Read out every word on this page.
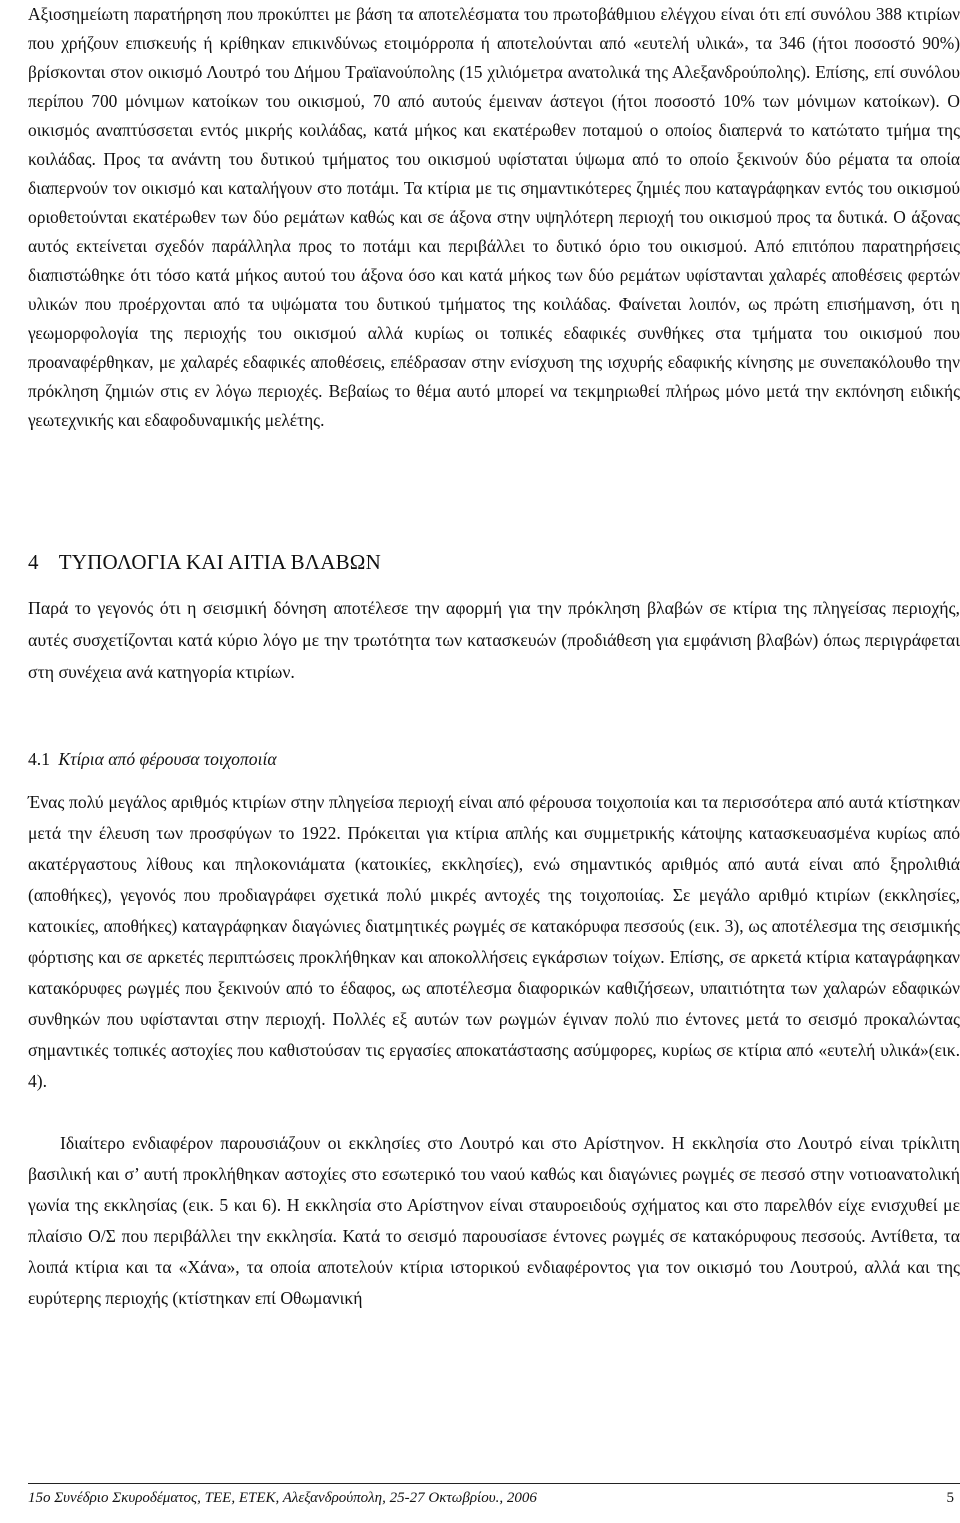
Αξιοσημείωτη παρατήρηση που προκύπτει με βάση τα αποτελέσματα του πρωτοβάθμιου ελέγχου είναι ότι επί συνόλου 388 κτιρίων που χρήζουν επισκευής ή κρίθηκαν επικινδύνως ετοιμόρροπα ή αποτελούνται από «ευτελή υλικά», τα 346 (ήτοι ποσοστό 90%) βρίσκονται στον οικισμό Λουτρό του Δήμου Τραϊανούπολης (15 χιλιόμετρα ανατολικά της Αλεξανδρούπολης). Επίσης, επί συνόλου περίπου 700 μόνιμων κατοίκων του οικισμού, 70 από αυτούς έμειναν άστεγοι (ήτοι ποσοστό 10% των μόνιμων κατοίκων). Ο οικισμός αναπτύσσεται εντός μικρής κοιλάδας, κατά μήκος και εκατέρωθεν ποταμού ο οποίος διαπερνά το κατώτατο τμήμα της κοιλάδας. Προς τα ανάντη του δυτικού τμήματος του οικισμού υφίσταται ύψωμα από το οποίο ξεκινούν δύο ρέματα τα οποία διαπερνούν τον οικισμό και καταλήγουν στο ποτάμι. Τα κτίρια με τις σημαντικότερες ζημιές που καταγράφηκαν εντός του οικισμού οριοθετούνται εκατέρωθεν των δύο ρεμάτων καθώς και σε άξονα στην υψηλότερη περιοχή του οικισμού προς τα δυτικά. Ο άξονας αυτός εκτείνεται σχεδόν παράλληλα προς το ποτάμι και περιβάλλει το δυτικό όριο του οικισμού. Από επιτόπου παρατηρήσεις διαπιστώθηκε ότι τόσο κατά μήκος αυτού του άξονα όσο και κατά μήκος των δύο ρεμάτων υφίστανται χαλαρές αποθέσεις φερτών υλικών που προέρχονται από τα υψώματα του δυτικού τμήματος της κοιλάδας. Φαίνεται λοιπόν, ως πρώτη επισήμανση, ότι η γεωμορφολογία της περιοχής του οικισμού αλλά κυρίως οι τοπικές εδαφικές συνθήκες στα τμήματα του οικισμού που προαναφέρθηκαν, με χαλαρές εδαφικές αποθέσεις, επέδρασαν στην ενίσχυση της ισχυρής εδαφικής κίνησης με συνεπακόλουθο την πρόκληση ζημιών στις εν λόγω περιοχές. Βεβαίως το θέμα αυτό μπορεί να τεκμηριωθεί πλήρως μόνο μετά την εκπόνηση ειδικής γεωτεχνικής και εδαφοδυναμικής μελέτης.

4 ΤΥΠΟΛΟΓΙΑ ΚΑΙ ΑΙΤΙΑ ΒΛΑΒΩΝ

Παρά το γεγονός ότι η σεισμική δόνηση αποτέλεσε την αφορμή για την πρόκληση βλαβών σε κτίρια της πληγείσας περιοχής, αυτές συσχετίζονται κατά κύριο λόγο με την τρωτότητα των κατασκευών (προδιάθεση για εμφάνιση βλαβών) όπως περιγράφεται στη συνέχεια ανά κατηγορία κτιρίων.

4.1 Κτίρια από φέρουσα τοιχοποιία

Ένας πολύ μεγάλος αριθμός κτιρίων στην πληγείσα περιοχή είναι από φέρουσα τοιχοποιία και τα περισσότερα από αυτά κτίστηκαν μετά την έλευση των προσφύγων το 1922. Πρόκειται για κτίρια απλής και συμμετρικής κάτοψης κατασκευασμένα κυρίως από ακατέργαστους λίθους και πηλοκονιάματα (κατοικίες, εκκλησίες), ενώ σημαντικός αριθμός από αυτά είναι από ξηρολιθιά (αποθήκες), γεγονός που προδιαγράφει σχετικά πολύ μικρές αντοχές της τοιχοποιίας. Σε μεγάλο αριθμό κτιρίων (εκκλησίες, κατοικίες, αποθήκες) καταγράφηκαν διαγώνιες διατμητικές ρωγμές σε κατακόρυφα πεσσούς (εικ. 3), ως αποτέλεσμα της σεισμικής φόρτισης και σε αρκετές περιπτώσεις προκλήθηκαν και αποκολλήσεις εγκάρσιων τοίχων. Επίσης, σε αρκετά κτίρια καταγράφηκαν κατακόρυφες ρωγμές που ξεκινούν από το έδαφος, ως αποτέλεσμα διαφορικών καθιζήσεων, υπαιτιότητα των χαλαρών εδαφικών συνθηκών που υφίστανται στην περιοχή. Πολλές εξ αυτών των ρωγμών έγιναν πολύ πιο έντονες μετά το σεισμό προκαλώντας σημαντικές τοπικές αστοχίες που καθιστούσαν τις εργασίες αποκατάστασης ασύμφορες, κυρίως σε κτίρια από «ευτελή υλικά»(εικ. 4).

Ιδιαίτερο ενδιαφέρον παρουσιάζουν οι εκκλησίες στο Λουτρό και στο Αρίστηνον. Η εκκλησία στο Λουτρό είναι τρίκλιτη βασιλική και σ’ αυτή προκλήθηκαν αστοχίες στο εσωτερικό του ναού καθώς και διαγώνιες ρωγμές σε πεσσό στην νοτιοανατολική γωνία της εκκλησίας (εικ. 5 και 6). Η εκκλησία στο Αρίστηνον είναι σταυροειδούς σχήματος και στο παρελθόν είχε ενισχυθεί με πλαίσιο Ο/Σ που περιβάλλει την εκκλησία. Κατά το σεισμό παρουσίασε έντονες ρωγμές σε κατακόρυφους πεσσούς. Αντίθετα, τα λοιπά κτίρια και τα «Χάνα», τα οποία αποτελούν κτίρια ιστορικού ενδιαφέροντος για τον οικισμό του Λουτρού, αλλά και της ευρύτερης περιοχής (κτίστηκαν επί Οθωμανική

15ο Συνέδριο Σκυροδέματος, ΤΕΕ, ΕΤΕΚ, Αλεξανδρούπολη, 25-27 Οκτωβρίου., 2006	5
